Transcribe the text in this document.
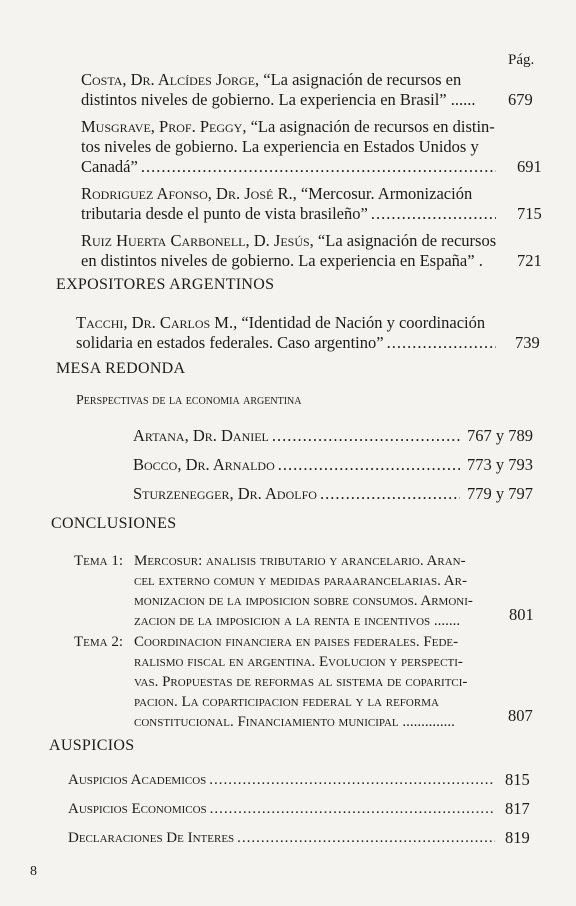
Pág.
Costa, Dr. Alcídes Jorge, “La asignación de recursos en
distintos niveles de gobierno. La experiencia en Brasil” ......	679
Musgrave, Prof. Peggy, “La asignación de recursos en distin-
tos niveles de gobierno. La experiencia en Estados Unidos y
Canadá” .....	691
Rodriguez Afonso, Dr. José R., “Mercosur. Armonización
tributaria desde el punto de vista brasileño” .....	715
Ruiz Huerta Carbonell, D. Jesús, “La asignación de recursos
en distintos niveles de gobierno. La experiencia en España” .	721
EXPOSITORES ARGENTINOS
Tacchi, Dr. Carlos M., “Identidad de Nación y coordinación
solidaria en estados federales. Caso argentino” .....	739
MESA REDONDA
Perspectivas de la economia argentina
Artana, Dr. Daniel .....	767 y 789
Bocco, Dr. Arnaldo .....	773 y 793
Sturzenegger, Dr. Adolfo .....	779 y 797
CONCLUSIONES
Tema 1: Mercosur: analisis tributario y arancelario. Aran-
cel externo comun y medidas paraarancelarias. Ar-
monizacion de la imposicion sobre consumos. Armoni-
zacion de la imposicion a la renta e incentivos .......	801
Tema 2: Coordinacion financiera en paises federales. Fede-
ralismo fiscal en argentina. Evolucion y perspecti-
vas. Propuestas de reformas al sistema de coparitci-
pacion. La coparticipacion federal y la reforma
constitucional. Financiamiento municipal ..............	807
AUSPICIOS
Auspicios Academicos .....	815
Auspicios Economicos .....	817
Declaraciones De Interes .....	819
8
